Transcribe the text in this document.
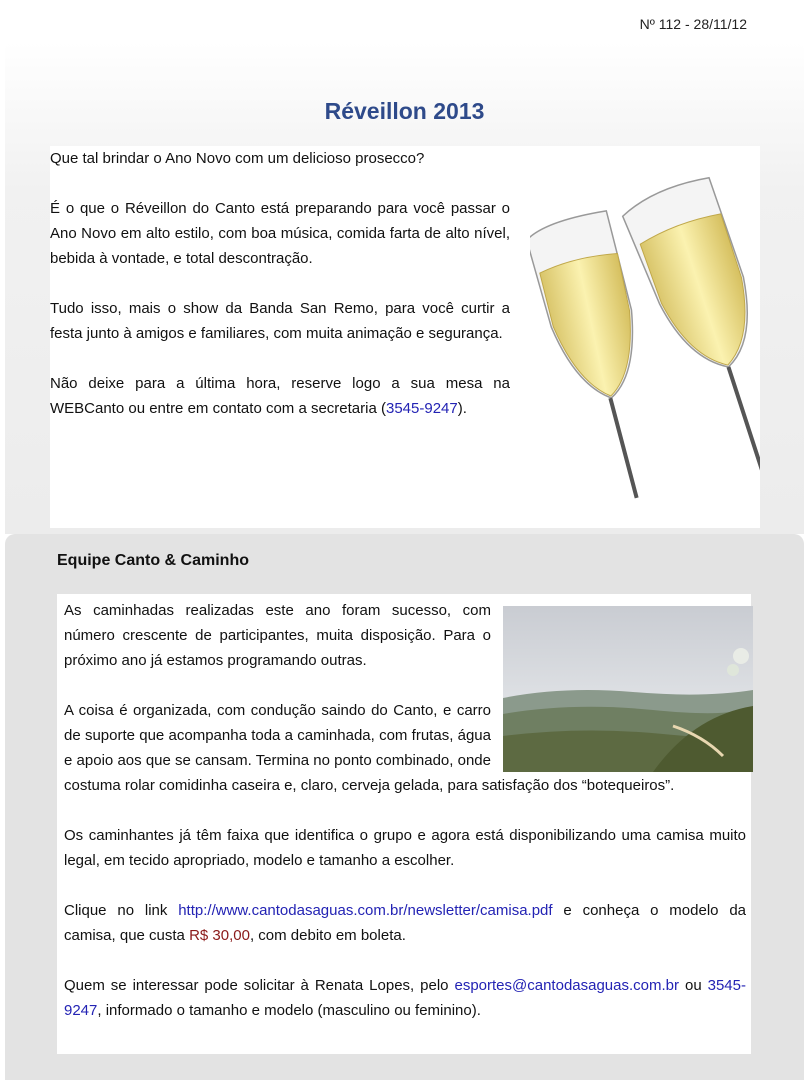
Nº 112 - 28/11/12
Réveillon 2013

Que tal brindar o Ano Novo com um delicioso prosecco?

É o que o Réveillon do Canto está preparando para você passar o Ano Novo em alto estilo, com boa música, comida farta de alto nível, bebida à vontade, e total descontração.

Tudo isso, mais o show da Banda San Remo, para você curtir a festa junto à amigos e familiares, com muita animação e segurança.

Não deixe para a última hora, reserve logo a sua mesa na WEBCanto ou entre em contato com a secretaria (3545-9247).

Equipe Canto & Caminho

As caminhadas realizadas este ano foram sucesso, com número crescente de participantes, muita disposição. Para o próximo ano já estamos programando outras.

A coisa é organizada, com condução saindo do Canto, e carro de suporte que acompanha toda a caminhada, com frutas, água e apoio aos que se cansam. Termina no ponto combinado, onde costuma rolar comidinha caseira e, claro, cerveja gelada, para satisfação dos “botequeiros”.

Os caminhantes já têm faixa que identifica o grupo e agora está disponibilizando uma camisa muito legal, em tecido apropriado, modelo e tamanho a escolher.

Clique no link http://www.cantodasaguas.com.br/newsletter/camisa.pdf e conheça o modelo da camisa, que custa R$ 30,00, com debito em boleta.

Quem se interessar pode solicitar à Renata Lopes, pelo esportes@cantodasaguas.com.br ou 3545-9247, informado o tamanho e modelo (masculino ou feminino).
